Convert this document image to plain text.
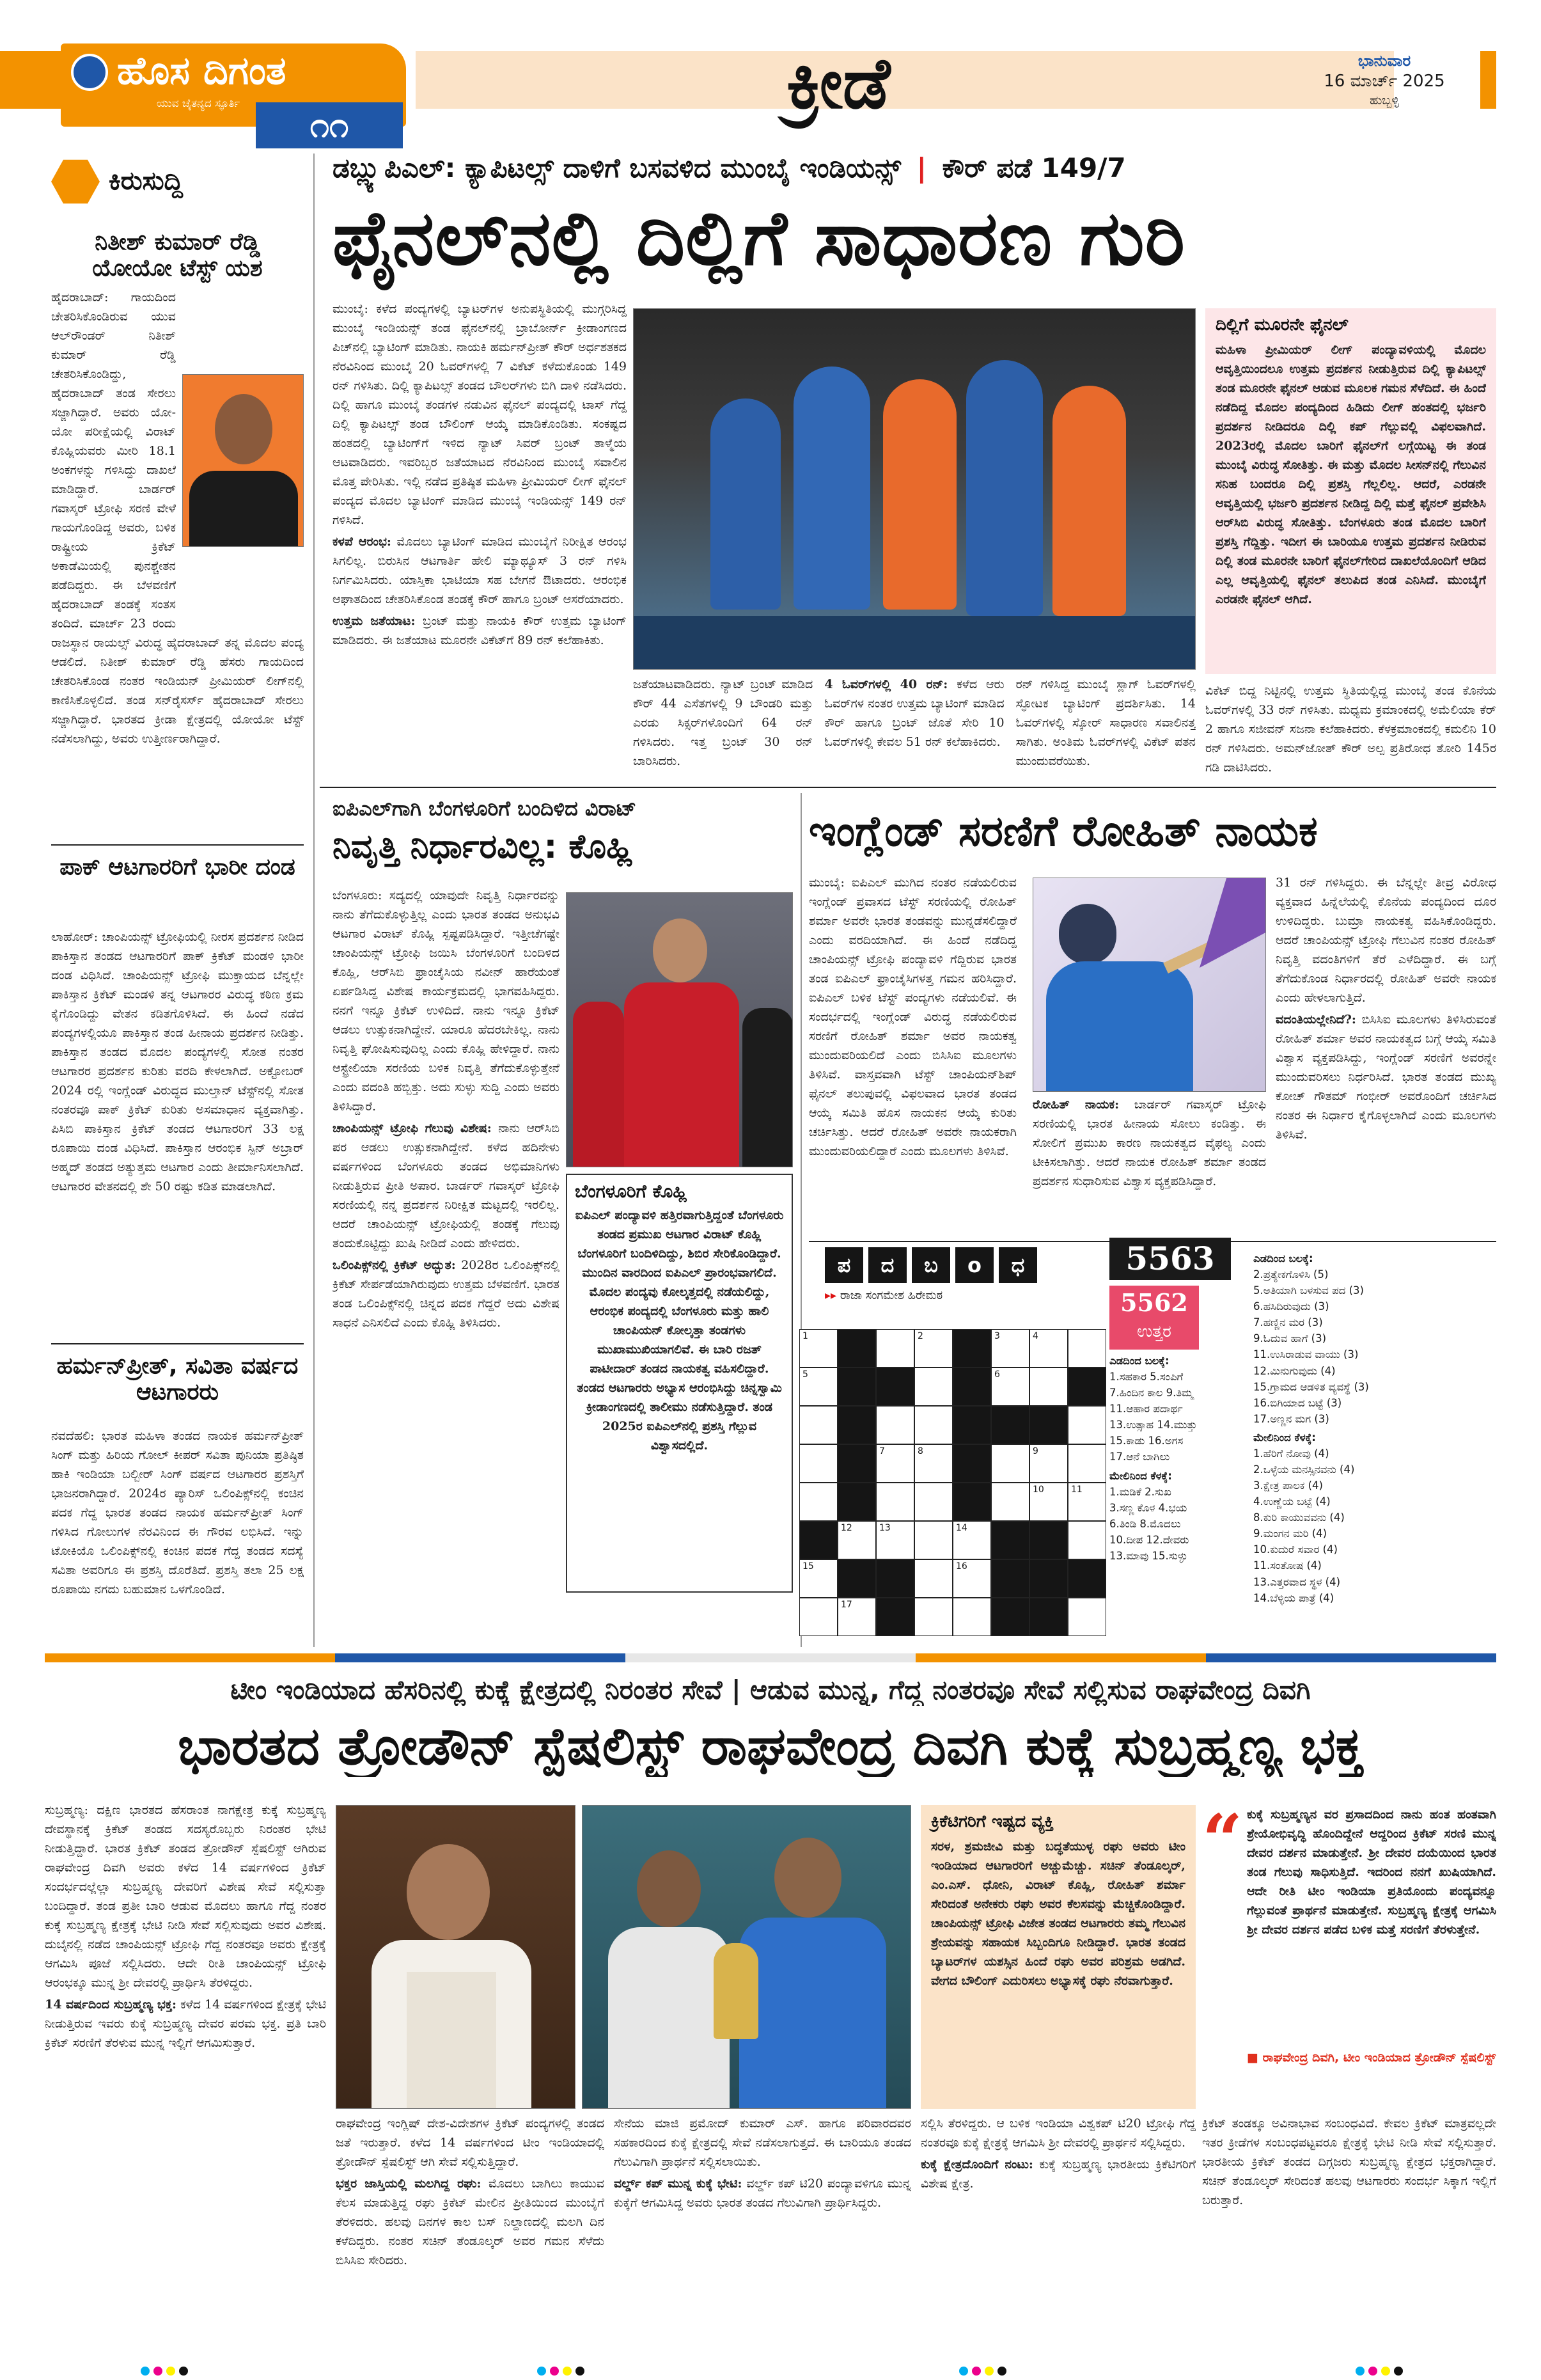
ಹೊಸ ದಿಗಂತ
ಯುವ ಚೈತನ್ಯದ ಸ್ಫೂರ್ತಿ
೧೧
ಕ್ರೀಡೆ	ಭಾನುವಾರ
16 ಮಾರ್ಚ್ 2025
ಹುಬ್ಬಳ್ಳಿ
ಕಿರುಸುದ್ದಿ
ನಿತೀಶ್ ಕುಮಾರ್ ರೆಡ್ಡಿ ಯೋಯೋ ಟೆಸ್ಟ್ ಯಶ
ಹೈದರಾಬಾದ್: ಗಾಯದಿಂದ ಚೇತರಿಸಿಕೊಂಡಿರುವ ಯುವ ಆಲ್‌ರೌಂಡರ್ ನಿತೀಶ್ ಕುಮಾರ್ ರೆಡ್ಡಿ ಚೇತರಿಸಿಕೊಂಡಿದ್ದು, ಹೈದರಾಬಾದ್ ತಂಡ ಸೇರಲು ಸಜ್ಜಾಗಿದ್ದಾರೆ. ಅವರು ಯೋ-ಯೋ ಪರೀಕ್ಷೆಯಲ್ಲಿ ವಿರಾಟ್ ಕೊಹ್ಲಿಯವರು ಮೀರಿ 18.1 ಅಂಕಗಳನ್ನು ಗಳಿಸಿದ್ದು ದಾಖಲೆ ಮಾಡಿದ್ದಾರೆ. ಬಾರ್ಡರ್ ಗವಾಸ್ಕರ್ ಟ್ರೋಫಿ ಸರಣಿ ವೇಳೆ ಗಾಯಗೊಂಡಿದ್ದ ಅವರು, ಬಳಿಕ ರಾಷ್ಟ್ರೀಯ ಕ್ರಿಕೆಟ್ ಅಕಾಡೆಮಿಯಲ್ಲಿ ಪುನಶ್ಚೇತನ ಪಡೆದಿದ್ದರು. ಈ ಬೆಳವಣಿಗೆ ಹೈದರಾಬಾದ್ ತಂಡಕ್ಕೆ ಸಂತಸ ತಂದಿದೆ. ಮಾರ್ಚ್ 23 ರಂದು ರಾಜಸ್ಥಾನ ರಾಯಲ್ಸ್ ವಿರುದ್ಧ ಹೈದರಾಬಾದ್ ತನ್ನ ಮೊದಲ ಪಂದ್ಯ ಆಡಲಿದೆ. ನಿತೀಶ್ ಕುಮಾರ್ ರೆಡ್ಡಿ ಹೆಸರು ಗಾಯದಿಂದ ಚೇತರಿಸಿಕೊಂಡ ನಂತರ ಇಂಡಿಯನ್ ಪ್ರೀಮಿಯರ್ ಲೀಗ್‌ನಲ್ಲಿ ಕಾಣಿಸಿಕೊಳ್ಳಲಿದೆ. ತಂಡ ಸನ್‌ರೈಸರ್ಸ್ ಹೈದರಾಬಾದ್ ಸೇರಲು ಸಜ್ಜಾಗಿದ್ದಾರೆ. ಭಾರತದ ಕ್ರೀಡಾ ಕ್ಷೇತ್ರದಲ್ಲಿ ಯೋಯೋ ಟೆಸ್ಟ್ ನಡೆಸಲಾಗಿದ್ದು, ಅವರು ಉತ್ತೀರ್ಣರಾಗಿದ್ದಾರೆ.
ಪಾಕ್ ಆಟಗಾರರಿಗೆ ಭಾರೀ ದಂಡ
ಲಾಹೋರ್: ಚಾಂಪಿಯನ್ಸ್ ಟ್ರೋಫಿಯಲ್ಲಿ ನೀರಸ ಪ್ರದರ್ಶನ ನೀಡಿದ ಪಾಕಿಸ್ತಾನ ತಂಡದ ಆಟಗಾರರಿಗೆ ಪಾಕ್ ಕ್ರಿಕೆಟ್ ಮಂಡಳಿ ಭಾರೀ ದಂಡ ವಿಧಿಸಿದೆ. ಚಾಂಪಿಯನ್ಸ್ ಟ್ರೋಫಿ ಮುಕ್ತಾಯದ ಬೆನ್ನಲ್ಲೇ ಪಾಕಿಸ್ತಾನ ಕ್ರಿಕೆಟ್ ಮಂಡಳಿ ತನ್ನ ಆಟಗಾರರ ವಿರುದ್ಧ ಕಠಿಣ ಕ್ರಮ ಕೈಗೊಂಡಿದ್ದು ವೇತನ ಕಡಿತಗೊಳಿಸಿದೆ. ಈ ಹಿಂದೆ ನಡೆದ ಪಂದ್ಯಗಳಲ್ಲಿಯೂ ಪಾಕಿಸ್ತಾನ ತಂಡ ಹೀನಾಯ ಪ್ರದರ್ಶನ ನೀಡಿತ್ತು. ಪಾಕಿಸ್ತಾನ ತಂಡದ ಮೊದಲ ಪಂದ್ಯಗಳಲ್ಲಿ ಸೋತ ನಂತರ ಆಟಗಾರರ ಪ್ರದರ್ಶನ ಕುರಿತು ವರದಿ ಕೇಳಲಾಗಿದೆ. ಅಕ್ಟೋಬರ್ 2024 ರಲ್ಲಿ ಇಂಗ್ಲೆಂಡ್ ವಿರುದ್ಧದ ಮುಲ್ತಾನ್ ಟೆಸ್ಟ್‌ನಲ್ಲಿ ಸೋತ ನಂತರವೂ ಪಾಕ್ ಕ್ರಿಕೆಟ್ ಕುರಿತು ಅಸಮಾಧಾನ ವ್ಯಕ್ತವಾಗಿತ್ತು. ಪಿಸಿಬಿ ಪಾಕಿಸ್ತಾನ ಕ್ರಿಕೆಟ್ ತಂಡದ ಆಟಗಾರರಿಗೆ 33 ಲಕ್ಷ ರೂಪಾಯಿ ದಂಡ ವಿಧಿಸಿದೆ. ಪಾಕಿಸ್ತಾನ ಆರಂಭಿಕ ಸ್ಪಿನ್ ಅಬ್ರಾರ್ ಅಹ್ಮದ್ ತಂಡದ ಅತ್ಯುತ್ತಮ ಆಟಗಾರ ಎಂದು ತೀರ್ಮಾನಿಸಲಾಗಿದೆ. ಆಟಗಾರರ ವೇತನದಲ್ಲಿ ಶೇ 50 ರಷ್ಟು ಕಡಿತ ಮಾಡಲಾಗಿದೆ.
ಹರ್ಮನ್‌ಪ್ರೀತ್, ಸವಿತಾ ವರ್ಷದ ಆಟಗಾರರು
ನವದೆಹಲಿ: ಭಾರತ ಮಹಿಳಾ ತಂಡದ ನಾಯಕ ಹರ್ಮನ್‌ಪ್ರೀತ್ ಸಿಂಗ್ ಮತ್ತು ಹಿರಿಯ ಗೋಲ್ ಕೀಪರ್ ಸವಿತಾ ಪುನಿಯಾ ಪ್ರತಿಷ್ಠಿತ ಹಾಕಿ ಇಂಡಿಯಾ ಬಲ್ಬೀರ್ ಸಿಂಗ್ ವರ್ಷದ ಆಟಗಾರರ ಪ್ರಶಸ್ತಿಗೆ ಭಾಜನರಾಗಿದ್ದಾರೆ. 2024ರ ಪ್ಯಾರಿಸ್ ಒಲಿಂಪಿಕ್ಸ್‌ನಲ್ಲಿ ಕಂಚಿನ ಪದಕ ಗೆದ್ದ ಭಾರತ ತಂಡದ ನಾಯಕ ಹರ್ಮನ್‌ಪ್ರೀತ್ ಸಿಂಗ್ ಗಳಿಸಿದ ಗೋಲುಗಳ ನೆರವಿನಿಂದ ಈ ಗೌರವ ಲಭಿಸಿದೆ. ಇನ್ನು ಟೋಕಿಯೊ ಒಲಿಂಪಿಕ್ಸ್‌ನಲ್ಲಿ ಕಂಚಿನ ಪದಕ ಗೆದ್ದ ತಂಡದ ಸದಸ್ಯೆ ಸವಿತಾ ಅವರಿಗೂ ಈ ಪ್ರಶಸ್ತಿ ದೊರೆತಿದೆ. ಪ್ರಶಸ್ತಿ ತಲಾ 25 ಲಕ್ಷ ರೂಪಾಯಿ ನಗದು ಬಹುಮಾನ ಒಳಗೊಂಡಿದೆ.
ಡಬ್ಲ್ಯುಪಿಎಲ್: ಕ್ಯಾಪಿಟಲ್ಸ್ ದಾಳಿಗೆ ಬಸವಳಿದ ಮುಂಬೈ ಇಂಡಿಯನ್ಸ್ | ಕೌರ್ ಪಡೆ 149/7
ಫೈನಲ್‌ನಲ್ಲಿ ದಿಲ್ಲಿಗೆ ಸಾಧಾರಣ ಗುರಿ

ಮುಂಬೈ: ಕಳೆದ ಪಂದ್ಯಗಳಲ್ಲಿ ಬ್ಯಾಟರ್‌ಗಳ ಅನುಪಸ್ಥಿತಿಯಲ್ಲಿ ಮುಗ್ಗರಿಸಿದ್ದ ಮುಂಬೈ ಇಂಡಿಯನ್ಸ್ ತಂಡ ಫೈನಲ್‌ನಲ್ಲಿ ಬ್ರಾಬೋರ್ನ್ ಕ್ರೀಡಾಂಗಣದ ಪಿಚ್‌ನಲ್ಲಿ ಬ್ಯಾಟಿಂಗ್ ಮಾಡಿತು. ನಾಯಕಿ ಹರ್ಮನ್‌ಪ್ರೀತ್ ಕೌರ್ ಅರ್ಧಶತಕದ ನೆರವಿನಿಂದ ಮುಂಬೈ 20 ಓವರ್‌ಗಳಲ್ಲಿ 7 ವಿಕೆಟ್ ಕಳೆದುಕೊಂಡು 149 ರನ್ ಗಳಿಸಿತು. ದಿಲ್ಲಿ ಕ್ಯಾಪಿಟಲ್ಸ್ ತಂಡದ ಬೌಲರ್‌ಗಳು ಬಿಗಿ ದಾಳಿ ನಡೆಸಿದರು. ದಿಲ್ಲಿ ಹಾಗೂ ಮುಂಬೈ ತಂಡಗಳ ನಡುವಿನ ಫೈನಲ್ ಪಂದ್ಯದಲ್ಲಿ ಟಾಸ್ ಗೆದ್ದ ದಿಲ್ಲಿ ಕ್ಯಾಪಿಟಲ್ಸ್ ತಂಡ ಬೌಲಿಂಗ್ ಆಯ್ಕೆ ಮಾಡಿಕೊಂಡಿತು. ಸಂಕಷ್ಟದ ಹಂತದಲ್ಲಿ ಬ್ಯಾಟಿಂಗ್‌ಗೆ ಇಳಿದ ನ್ಯಾಟ್ ಸಿವರ್ ಬ್ರಂಟ್ ತಾಳ್ಮೆಯ ಆಟವಾಡಿದರು. ಇವರಿಬ್ಬರ ಜತೆಯಾಟದ ನೆರವಿನಿಂದ ಮುಂಬೈ ಸವಾಲಿನ ಮೊತ್ತ ಪೇರಿಸಿತು. ಇಲ್ಲಿ ನಡೆದ ಪ್ರತಿಷ್ಠಿತ ಮಹಿಳಾ ಪ್ರೀಮಿಯರ್ ಲೀಗ್ ಫೈನಲ್ ಪಂದ್ಯದ ಮೊದಲ ಬ್ಯಾಟಿಂಗ್ ಮಾಡಿದ ಮುಂಬೈ ಇಂಡಿಯನ್ಸ್ 149 ರನ್ ಗಳಿಸಿದೆ.

ಕಳಪೆ ಆರಂಭ: ಮೊದಲು ಬ್ಯಾಟಿಂಗ್ ಮಾಡಿದ ಮುಂಬೈಗೆ ನಿರೀಕ್ಷಿತ ಆರಂಭ ಸಿಗಲಿಲ್ಲ. ಬಿರುಸಿನ ಆಟಗಾರ್ತಿ ಹೇಲಿ ಮ್ಯಾಥ್ಯೂಸ್ 3 ರನ್ ಗಳಿಸಿ ನಿರ್ಗಮಿಸಿದರು. ಯಾಸ್ತಿಕಾ ಭಾಟಿಯಾ ಸಹ ಬೇಗನೆ ಔಟಾದರು. ಆರಂಭಿಕ ಆಘಾತದಿಂದ ಚೇತರಿಸಿಕೊಂಡ ತಂಡಕ್ಕೆ ಕೌರ್ ಹಾಗೂ ಬ್ರಂಟ್ ಆಸರೆಯಾದರು.

ಉತ್ತಮ ಜತೆಯಾಟ: ಬ್ರಂಟ್ ಮತ್ತು ನಾಯಕಿ ಕೌರ್ ಉತ್ತಮ ಬ್ಯಾಟಿಂಗ್ ಮಾಡಿದರು. ಈ ಜತೆಯಾಟ ಮೂರನೇ ವಿಕೆಟ್‌ಗೆ 89 ರನ್ ಕಲೆಹಾಕಿತು.

ಜತೆಯಾಟವಾಡಿದರು. ನ್ಯಾಟ್ ಬ್ರಂಟ್ ಮಾಡಿದ ಕೌರ್ 44 ಎಸೆತಗಳಲ್ಲಿ 9 ಬೌಂಡರಿ ಮತ್ತು ಎರಡು ಸಿಕ್ಸರ್‌ಗಳೊಂದಿಗೆ 64 ರನ್ ಗಳಿಸಿದರು. ಇತ್ತ ಬ್ರಂಟ್ 30 ರನ್ ಬಾರಿಸಿದರು.

4 ಓವರ್‌ಗಳಲ್ಲಿ 40 ರನ್: ಕಳೆದ ಆರು ಓವರ್‌ಗಳ ನಂತರ ಉತ್ತಮ ಬ್ಯಾಟಿಂಗ್ ಮಾಡಿದ ಕೌರ್ ಹಾಗೂ ಬ್ರಂಟ್ ಜೊತೆ ಸೇರಿ 10 ಓವರ್‌ಗಳಲ್ಲಿ ಕೇವಲ 51 ರನ್ ಕಲೆಹಾಕಿದರು.

ರನ್ ಗಳಿಸಿದ್ದ ಮುಂಬೈ ಸ್ಲಾಗ್ ಓವರ್‌ಗಳಲ್ಲಿ ಸ್ಫೋಟಕ ಬ್ಯಾಟಿಂಗ್ ಪ್ರದರ್ಶಿಸಿತು. 14 ಓವರ್‌ಗಳಲ್ಲಿ ಸ್ಕೋರ್ ಸಾಧಾರಣ ಸವಾಲಿನತ್ತ ಸಾಗಿತು. ಅಂತಿಮ ಓವರ್‌ಗಳಲ್ಲಿ ವಿಕೆಟ್ ಪತನ ಮುಂದುವರೆಯಿತು.

ದಿಲ್ಲಿಗೆ ಮೂರನೇ ಫೈನಲ್
ಮಹಿಳಾ ಪ್ರೀಮಿಯರ್ ಲೀಗ್ ಪಂದ್ಯಾವಳಿಯಲ್ಲಿ ಮೊದಲ ಆವೃತ್ತಿಯಿಂದಲೂ ಉತ್ತಮ ಪ್ರದರ್ಶನ ನೀಡುತ್ತಿರುವ ದಿಲ್ಲಿ ಕ್ಯಾಪಿಟಲ್ಸ್ ತಂಡ ಮೂರನೇ ಫೈನಲ್ ಆಡುವ ಮೂಲಕ ಗಮನ ಸೆಳೆದಿದೆ. ಈ ಹಿಂದೆ ನಡೆದಿದ್ದ ಮೊದಲ ಪಂದ್ಯದಿಂದ ಹಿಡಿದು ಲೀಗ್ ಹಂತದಲ್ಲಿ ಭರ್ಜರಿ ಪ್ರದರ್ಶನ ನೀಡಿದರೂ ದಿಲ್ಲಿ ಕಪ್ ಗೆಲ್ಲುವಲ್ಲಿ ವಿಫಲವಾಗಿದೆ. 2023ರಲ್ಲಿ ಮೊದಲ ಬಾರಿಗೆ ಫೈನಲ್‌ಗೆ ಲಗ್ಗೆಯಿಟ್ಟ ಈ ತಂಡ ಮುಂಬೈ ವಿರುದ್ಧ ಸೋತಿತ್ತು. ಈ ಮತ್ತು ಮೊದಲ ಸೀಸನ್‌ನಲ್ಲಿ ಗೆಲುವಿನ ಸನಿಹ ಬಂದರೂ ದಿಲ್ಲಿ ಪ್ರಶಸ್ತಿ ಗೆಲ್ಲಲಿಲ್ಲ. ಆದರೆ, ಎರಡನೇ ಆವೃತ್ತಿಯಲ್ಲಿ ಭರ್ಜರಿ ಪ್ರದರ್ಶನ ನೀಡಿದ್ದ ದಿಲ್ಲಿ ಮತ್ತೆ ಫೈನಲ್ ಪ್ರವೇಶಿಸಿ ಆರ್‌ಸಿಬಿ ವಿರುದ್ಧ ಸೋತಿತ್ತು. ಬೆಂಗಳೂರು ತಂಡ ಮೊದಲ ಬಾರಿಗೆ ಪ್ರಶಸ್ತಿ ಗೆದ್ದಿತ್ತು. ಇದೀಗ ಈ ಬಾರಿಯೂ ಉತ್ತಮ ಪ್ರದರ್ಶನ ನೀಡಿರುವ ದಿಲ್ಲಿ ತಂಡ ಮೂರನೇ ಬಾರಿಗೆ ಫೈನಲ್‌ಗೇರಿದ ದಾಖಲೆಯೊಂದಿಗೆ ಆಡಿದ ಎಲ್ಲ ಆವೃತ್ತಿಯಲ್ಲಿ ಫೈನಲ್ ತಲುಪಿದ ತಂಡ ಎನಿಸಿದೆ. ಮುಂಬೈಗೆ ಎರಡನೇ ಫೈನಲ್ ಆಗಿದೆ.
ವಿಕೆಟ್ ಬಿದ್ದ ನಿಟ್ಟಿನಲ್ಲಿ ಉತ್ತಮ ಸ್ಥಿತಿಯಲ್ಲಿದ್ದ ಮುಂಬೈ ತಂಡ ಕೊನೆಯ ಓವರ್‌ಗಳಲ್ಲಿ 33 ರನ್ ಗಳಿಸಿತು. ಮಧ್ಯಮ ಕ್ರಮಾಂಕದಲ್ಲಿ ಅಮೆಲಿಯಾ ಕೆರ್ 2 ಹಾಗೂ ಸಜೀವನ್ ಸಜನಾ ಕಲೆಹಾಕಿದರು. ಕೆಳಕ್ರಮಾಂಕದಲ್ಲಿ ಕಮಲಿನಿ 10 ರನ್ ಗಳಿಸಿದರು. ಅಮನ್‌ಜೋತ್ ಕೌರ್ ಅಲ್ಪ ಪ್ರತಿರೋಧ ತೋರಿ 145ರ ಗಡಿ ದಾಟಿಸಿದರು.
ಐಪಿಎಲ್‌ಗಾಗಿ ಬೆಂಗಳೂರಿಗೆ ಬಂದಿಳಿದ ವಿರಾಟ್
ನಿವೃತ್ತಿ ನಿರ್ಧಾರವಿಲ್ಲ: ಕೊಹ್ಲಿ

ಬೆಂಗಳೂರು: ಸದ್ಯದಲ್ಲಿ ಯಾವುದೇ ನಿವೃತ್ತಿ ನಿರ್ಧಾರವನ್ನು ನಾನು ತೆಗೆದುಕೊಳ್ಳುತ್ತಿಲ್ಲ ಎಂದು ಭಾರತ ತಂಡದ ಅನುಭವಿ ಆಟಗಾರ ವಿರಾಟ್ ಕೊಹ್ಲಿ ಸ್ಪಷ್ಟಪಡಿಸಿದ್ದಾರೆ. ಇತ್ತೀಚೆಗಷ್ಟೇ ಚಾಂಪಿಯನ್ಸ್ ಟ್ರೋಫಿ ಜಯಿಸಿ ಬೆಂಗಳೂರಿಗೆ ಬಂದಿಳಿದ ಕೊಹ್ಲಿ, ಆರ್‌ಸಿಬಿ ಫ್ರಾಂಚೈಸಿಯ ನವೀನ್ ಹಾರೆಯಂತೆ ಏರ್ಪಡಿಸಿದ್ದ ವಿಶೇಷ ಕಾರ್ಯಕ್ರಮದಲ್ಲಿ ಭಾಗವಹಿಸಿದ್ದರು. ನನಗೆ ಇನ್ನೂ ಕ್ರಿಕೆಟ್ ಉಳಿದಿದೆ. ನಾನು ಇನ್ನೂ ಕ್ರಿಕೆಟ್ ಆಡಲು ಉತ್ಸುಕನಾಗಿದ್ದೇನೆ. ಯಾರೂ ಹೆದರಬೇಕಿಲ್ಲ. ನಾನು ನಿವೃತ್ತಿ ಘೋಷಿಸುವುದಿಲ್ಲ ಎಂದು ಕೊಹ್ಲಿ ಹೇಳಿದ್ದಾರೆ. ನಾನು ಆಸ್ಟ್ರೇಲಿಯಾ ಸರಣಿಯ ಬಳಿಕ ನಿವೃತ್ತಿ ತೆಗೆದುಕೊಳ್ಳುತ್ತೇನೆ ಎಂದು ವದಂತಿ ಹಬ್ಬಿತ್ತು. ಅದು ಸುಳ್ಳು ಸುದ್ದಿ ಎಂದು ಅವರು ತಿಳಿಸಿದ್ದಾರೆ.

ಚಾಂಪಿಯನ್ಸ್ ಟ್ರೋಫಿ ಗೆಲುವು ವಿಶೇಷ: ನಾನು ಆರ್‌ಸಿಬಿ ಪರ ಆಡಲು ಉತ್ಸುಕನಾಗಿದ್ದೇನೆ. ಕಳೆದ ಹದಿನೇಳು ವರ್ಷಗಳಿಂದ ಬೆಂಗಳೂರು ತಂಡದ ಅಭಿಮಾನಿಗಳು ನೀಡುತ್ತಿರುವ ಪ್ರೀತಿ ಅಪಾರ. ಬಾರ್ಡರ್ ಗವಾಸ್ಕರ್ ಟ್ರೋಫಿ ಸರಣಿಯಲ್ಲಿ ನನ್ನ ಪ್ರದರ್ಶನ ನಿರೀಕ್ಷಿತ ಮಟ್ಟದಲ್ಲಿ ಇರಲಿಲ್ಲ. ಆದರೆ ಚಾಂಪಿಯನ್ಸ್ ಟ್ರೋಫಿಯಲ್ಲಿ ತಂಡಕ್ಕೆ ಗೆಲುವು ತಂದುಕೊಟ್ಟಿದ್ದು ಖುಷಿ ನೀಡಿದೆ ಎಂದು ಹೇಳಿದರು.

ಒಲಿಂಪಿಕ್ಸ್‌ನಲ್ಲಿ ಕ್ರಿಕೆಟ್ ಅದ್ಭುತ: 2028ರ ಒಲಿಂಪಿಕ್ಸ್‌ನಲ್ಲಿ ಕ್ರಿಕೆಟ್ ಸೇರ್ಪಡೆಯಾಗಿರುವುದು ಉತ್ತಮ ಬೆಳವಣಿಗೆ. ಭಾರತ ತಂಡ ಒಲಿಂಪಿಕ್ಸ್‌ನಲ್ಲಿ ಚಿನ್ನದ ಪದಕ ಗೆದ್ದರೆ ಅದು ವಿಶೇಷ ಸಾಧನೆ ಎನಿಸಲಿದೆ ಎಂದು ಕೊಹ್ಲಿ ತಿಳಿಸಿದರು.

ಬೆಂಗಳೂರಿಗೆ ಕೊಹ್ಲಿ
ಐಪಿಎಲ್ ಪಂದ್ಯಾವಳಿ ಹತ್ತಿರವಾಗುತ್ತಿದ್ದಂತೆ ಬೆಂಗಳೂರು ತಂಡದ ಪ್ರಮುಖ ಆಟಗಾರ ವಿರಾಟ್ ಕೊಹ್ಲಿ ಬೆಂಗಳೂರಿಗೆ ಬಂದಿಳಿದಿದ್ದು, ಶಿಬಿರ ಸೇರಿಕೊಂಡಿದ್ದಾರೆ. ಮುಂದಿನ ವಾರದಿಂದ ಐಪಿಎಲ್ ಪ್ರಾರಂಭವಾಗಲಿದೆ. ಮೊದಲ ಪಂದ್ಯವು ಕೋಲ್ಕತ್ತದಲ್ಲಿ ನಡೆಯಲಿದ್ದು, ಆರಂಭಿಕ ಪಂದ್ಯದಲ್ಲಿ ಬೆಂಗಳೂರು ಮತ್ತು ಹಾಲಿ ಚಾಂಪಿಯನ್ ಕೋಲ್ಕತ್ತಾ ತಂಡಗಳು ಮುಖಾಮುಖಿಯಾಗಲಿವೆ. ಈ ಬಾರಿ ರಜತ್ ಪಾಟೀದಾರ್ ತಂಡದ ನಾಯಕತ್ವ ವಹಿಸಲಿದ್ದಾರೆ. ತಂಡದ ಆಟಗಾರರು ಅಭ್ಯಾಸ ಆರಂಭಿಸಿದ್ದು ಚಿನ್ನಸ್ವಾಮಿ ಕ್ರೀಡಾಂಗಣದಲ್ಲಿ ತಾಲೀಮು ನಡೆಸುತ್ತಿದ್ದಾರೆ. ತಂಡ 2025ರ ಐಪಿಎಲ್‌ನಲ್ಲಿ ಪ್ರಶಸ್ತಿ ಗೆಲ್ಲುವ ವಿಶ್ವಾಸದಲ್ಲಿದೆ.
ಇಂಗ್ಲೆಂಡ್ ಸರಣಿಗೆ ರೋಹಿತ್ ನಾಯಕ
ಮುಂಬೈ: ಐಪಿಎಲ್ ಮುಗಿದ ನಂತರ ನಡೆಯಲಿರುವ ಇಂಗ್ಲೆಂಡ್ ಪ್ರವಾಸದ ಟೆಸ್ಟ್ ಸರಣಿಯಲ್ಲಿ ರೋಹಿತ್ ಶರ್ಮಾ ಅವರೇ ಭಾರತ ತಂಡವನ್ನು ಮುನ್ನಡೆಸಲಿದ್ದಾರೆ ಎಂದು ವರದಿಯಾಗಿದೆ. ಈ ಹಿಂದೆ ನಡೆದಿದ್ದ ಚಾಂಪಿಯನ್ಸ್ ಟ್ರೋಫಿ ಪಂದ್ಯಾವಳಿ ಗೆದ್ದಿರುವ ಭಾರತ ತಂಡ ಐಪಿಎಲ್ ಫ್ರಾಂಚೈಸಿಗಳತ್ತ ಗಮನ ಹರಿಸಿದ್ದಾರೆ. ಐಪಿಎಲ್ ಬಳಿಕ ಟೆಸ್ಟ್ ಪಂದ್ಯಗಳು ನಡೆಯಲಿವೆ. ಈ ಸಂದರ್ಭದಲ್ಲಿ ಇಂಗ್ಲೆಂಡ್ ವಿರುದ್ಧ ನಡೆಯಲಿರುವ ಸರಣಿಗೆ ರೋಹಿತ್ ಶರ್ಮಾ ಅವರ ನಾಯಕತ್ವ ಮುಂದುವರಿಯಲಿದೆ ಎಂದು ಬಿಸಿಸಿಐ ಮೂಲಗಳು ತಿಳಿಸಿವೆ. ವಾಸ್ತವವಾಗಿ ಟೆಸ್ಟ್ ಚಾಂಪಿಯನ್‌ಶಿಪ್ ಫೈನಲ್ ತಲುಪುವಲ್ಲಿ ವಿಫಲವಾದ ಭಾರತ ತಂಡದ ಆಯ್ಕೆ ಸಮಿತಿ ಹೊಸ ನಾಯಕನ ಆಯ್ಕೆ ಕುರಿತು ಚರ್ಚಿಸಿತ್ತು. ಆದರೆ ರೋಹಿತ್ ಅವರೇ ನಾಯಕರಾಗಿ ಮುಂದುವರಿಯಲಿದ್ದಾರೆ ಎಂದು ಮೂಲಗಳು ತಿಳಿಸಿವೆ.
ರೋಹಿತ್ ನಾಯಕ: ಬಾರ್ಡರ್ ಗವಾಸ್ಕರ್ ಟ್ರೋಫಿ ಸರಣಿಯಲ್ಲಿ ಭಾರತ ಹೀನಾಯ ಸೋಲು ಕಂಡಿತ್ತು. ಈ ಸೋಲಿಗೆ ಪ್ರಮುಖ ಕಾರಣ ನಾಯಕತ್ವದ ವೈಫಲ್ಯ ಎಂದು ಟೀಕಿಸಲಾಗಿತ್ತು. ಆದರೆ ನಾಯಕ ರೋಹಿತ್ ಶರ್ಮಾ ತಂಡದ ಪ್ರದರ್ಶನ ಸುಧಾರಿಸುವ ವಿಶ್ವಾಸ ವ್ಯಕ್ತಪಡಿಸಿದ್ದಾರೆ.

31 ರನ್ ಗಳಿಸಿದ್ದರು. ಈ ಬೆನ್ನಲ್ಲೇ ತೀವ್ರ ವಿರೋಧ ವ್ಯಕ್ತವಾದ ಹಿನ್ನೆಲೆಯಲ್ಲಿ ಕೊನೆಯ ಪಂದ್ಯದಿಂದ ದೂರ ಉಳಿದಿದ್ದರು. ಬುಮ್ರಾ ನಾಯಕತ್ವ ವಹಿಸಿಕೊಂಡಿದ್ದರು. ಆದರೆ ಚಾಂಪಿಯನ್ಸ್ ಟ್ರೋಫಿ ಗೆಲುವಿನ ನಂತರ ರೋಹಿತ್ ನಿವೃತ್ತಿ ವದಂತಿಗಳಿಗೆ ತೆರೆ ಎಳೆದಿದ್ದಾರೆ. ಈ ಬಗ್ಗೆ ತೆಗೆದುಕೊಂಡ ನಿರ್ಧಾರದಲ್ಲಿ ರೋಹಿತ್ ಅವರೇ ನಾಯಕ ಎಂದು ಹೇಳಲಾಗುತ್ತಿದೆ.

ವದಂತಿಯಲ್ಲೇನಿದೆ?: ಬಿಸಿಸಿಐ ಮೂಲಗಳು ತಿಳಿಸಿರುವಂತೆ ರೋಹಿತ್ ಶರ್ಮಾ ಅವರ ನಾಯಕತ್ವದ ಬಗ್ಗೆ ಆಯ್ಕೆ ಸಮಿತಿ ವಿಶ್ವಾಸ ವ್ಯಕ್ತಪಡಿಸಿದ್ದು, ಇಂಗ್ಲೆಂಡ್ ಸರಣಿಗೆ ಅವರನ್ನೇ ಮುಂದುವರಿಸಲು ನಿರ್ಧರಿಸಿದೆ. ಭಾರತ ತಂಡದ ಮುಖ್ಯ ಕೋಚ್ ಗೌತಮ್ ಗಂಭೀರ್ ಅವರೊಂದಿಗೆ ಚರ್ಚಿಸಿದ ನಂತರ ಈ ನಿರ್ಧಾರ ಕೈಗೊಳ್ಳಲಾಗಿದೆ ಎಂದು ಮೂಲಗಳು ತಿಳಿಸಿವೆ.

ಪ ದ ಬ o ಧ
▸▸ ರಾಜಾ ಸಂಗಮೇಶ ಹಿರೇಮಠ
5563
5562
ಉತ್ತರ
1	2	3	4
5	6
7	8	9
10	11
12	13	14
15	16
17
ಎಡದಿಂದ ಬಲಕ್ಕೆ:
1.ಸಹಕಾರ 5.ಸಂಪಿಗೆ
7.ಹಿಂದಿನ ಕಾಲ 9.ತಿಮ್ಮ
11.ಆಹಾರ ಪದಾರ್ಥ
13.ಉತ್ಸಾಹ 14.ಮುತ್ತು
15.ಕಾಡು 16.ಅಗಸ
17.ಆನೆ ಬಾಗಿಲು
ಮೇಲಿನಿಂದ ಕೆಳಕ್ಕೆ:
1.ಮಡಿಕೆ 2.ಸುಖ
3.ಸಣ್ಣ ಕೊಳ 4.ಭಯ
6.ತಿಂಡಿ 8.ಮೊದಲು
10.ದೀಪ 12.ದೇವರು
13.ಮಾವು 15.ಸುಳ್ಳು
ಎಡದಿಂದ ಬಲಕ್ಕೆ:
2.ಪ್ರತ್ಯೇಕಗೊಳಿಸಿ (5)
5.ಅತಿಯಾಗಿ ಬಳಸುವ ಪದ (3)
6.ಹಸಿದಿರುವುದು (3)
7.ಹಣ್ಣಿನ ಮರ (3)
9.ಓದುವ ಹಾಗೆ (3)
11.ಉಸಿರಾಡುವ ವಾಯು (3)
12.ಮಿನುಗುವುದು (4)
15.ಗ್ರಾಮದ ಆಡಳಿತ ವ್ಯವಸ್ಥೆ (3)
16.ಬಿಗಿಯಾದ ಬಟ್ಟೆ (3)
17.ಅಣ್ಣನ ಮಗ (3)
ಮೇಲಿನಿಂದ ಕೆಳಕ್ಕೆ:
1.ಹೆರಿಗೆ ನೋವು (4)
2.ಒಳ್ಳೆಯ ಮನಸ್ಸಿನವನು (4)
3.ಕ್ಷೇತ್ರ ಪಾಲಕ (4)
4.ಉಣ್ಣೆಯ ಬಟ್ಟೆ (4)
8.ಕುರಿ ಕಾಯುವವನು (4)
9.ಮಂಗನ ಮರಿ (4)
10.ಕುದುರೆ ಸವಾರ (4)
11.ಸಂತೋಷ (4)
13.ಎತ್ತರವಾದ ಸ್ಥಳ (4)
14.ಬೆಳ್ಳಿಯ ಪಾತ್ರೆ (4)
ಟೀಂ ಇಂಡಿಯಾದ ಹೆಸರಿನಲ್ಲಿ ಕುಕ್ಕೆ ಕ್ಷೇತ್ರದಲ್ಲಿ ನಿರಂತರ ಸೇವೆ | ಆಡುವ ಮುನ್ನ, ಗೆದ್ದ ನಂತರವೂ ಸೇವೆ ಸಲ್ಲಿಸುವ ರಾಘವೇಂದ್ರ ದಿವಗಿ
ಭಾರತದ ತ್ರೋಡೌನ್ ಸ್ಪೆಷಲಿಸ್ಟ್ ರಾಘವೇಂದ್ರ ದಿವಗಿ ಕುಕ್ಕೆ ಸುಬ್ರಹ್ಮಣ್ಯ ಭಕ್ತ

ಸುಬ್ರಹ್ಮಣ್ಯ: ದಕ್ಷಿಣ ಭಾರತದ ಹೆಸರಾಂತ ನಾಗಕ್ಷೇತ್ರ ಕುಕ್ಕೆ ಸುಬ್ರಹ್ಮಣ್ಯ ದೇವಸ್ಥಾನಕ್ಕೆ ಕ್ರಿಕೆಟ್ ತಂಡದ ಸದಸ್ಯರೊಬ್ಬರು ನಿರಂತರ ಭೇಟಿ ನೀಡುತ್ತಿದ್ದಾರೆ. ಭಾರತ ಕ್ರಿಕೆಟ್ ತಂಡದ ತ್ರೋಡೌನ್ ಸ್ಪೆಷಲಿಸ್ಟ್ ಆಗಿರುವ ರಾಘವೇಂದ್ರ ದಿವಗಿ ಅವರು ಕಳೆದ 14 ವರ್ಷಗಳಿಂದ ಕ್ರಿಕೆಟ್ ಸಂದರ್ಭದಲ್ಲೆಲ್ಲಾ ಸುಬ್ರಹ್ಮಣ್ಯ ದೇವರಿಗೆ ವಿಶೇಷ ಸೇವೆ ಸಲ್ಲಿಸುತ್ತಾ ಬಂದಿದ್ದಾರೆ. ತಂಡ ಪ್ರತೀ ಬಾರಿ ಆಡುವ ಮೊದಲು ಹಾಗೂ ಗೆದ್ದ ನಂತರ ಕುಕ್ಕೆ ಸುಬ್ರಹ್ಮಣ್ಯ ಕ್ಷೇತ್ರಕ್ಕೆ ಭೇಟಿ ನೀಡಿ ಸೇವೆ ಸಲ್ಲಿಸುವುದು ಅವರ ವಿಶೇಷ. ದುಬೈನಲ್ಲಿ ನಡೆದ ಚಾಂಪಿಯನ್ಸ್ ಟ್ರೋಫಿ ಗೆದ್ದ ನಂತರವೂ ಅವರು ಕ್ಷೇತ್ರಕ್ಕೆ ಆಗಮಿಸಿ ಪೂಜೆ ಸಲ್ಲಿಸಿದರು. ಆದೇ ರೀತಿ ಚಾಂಪಿಯನ್ಸ್ ಟ್ರೋಫಿ ಆರಂಭಕ್ಕೂ ಮುನ್ನ ಶ್ರೀ ದೇವರಲ್ಲಿ ಪ್ರಾರ್ಥಿಸಿ ತೆರಳಿದ್ದರು.

14 ವರ್ಷದಿಂದ ಸುಬ್ರಹ್ಮಣ್ಯ ಭಕ್ತ: ಕಳೆದ 14 ವರ್ಷಗಳಿಂದ ಕ್ಷೇತ್ರಕ್ಕೆ ಭೇಟಿ ನೀಡುತ್ತಿರುವ ಇವರು ಕುಕ್ಕೆ ಸುಬ್ರಹ್ಮಣ್ಯ ದೇವರ ಪರಮ ಭಕ್ತ. ಪ್ರತಿ ಬಾರಿ ಕ್ರಿಕೆಟ್ ಸರಣಿಗೆ ತೆರಳುವ ಮುನ್ನ ಇಲ್ಲಿಗೆ ಆಗಮಿಸುತ್ತಾರೆ.

ರಾಘವೇಂದ್ರ ಇಂಗ್ಲಿಷ್ ದೇಶ-ವಿದೇಶಗಳ ಕ್ರಿಕೆಟ್ ಪಂದ್ಯಗಳಲ್ಲಿ ತಂಡದ ಜತೆ ಇರುತ್ತಾರೆ. ಕಳೆದ 14 ವರ್ಷಗಳಿಂದ ಟೀಂ ಇಂಡಿಯಾದಲ್ಲಿ ತ್ರೋಡೌನ್ ಸ್ಪೆಷಲಿಸ್ಟ್ ಆಗಿ ಸೇವೆ ಸಲ್ಲಿಸುತ್ತಿದ್ದಾರೆ.

ಭಕ್ತರ ಜಾಸ್ತಿಯಲ್ಲಿ ಮಲಗಿದ್ದ ರಘು: ಮೊದಲು ಬಾಗಿಲು ಕಾಯುವ ಕೆಲಸ ಮಾಡುತ್ತಿದ್ದ ರಘು ಕ್ರಿಕೆಟ್ ಮೇಲಿನ ಪ್ರೀತಿಯಿಂದ ಮುಂಬೈಗೆ ತೆರಳಿದರು. ಹಲವು ದಿನಗಳ ಕಾಲ ಬಸ್ ನಿಲ್ದಾಣದಲ್ಲಿ ಮಲಗಿ ದಿನ ಕಳೆದಿದ್ದರು. ನಂತರ ಸಚಿನ್ ತೆಂಡೂಲ್ಕರ್ ಅವರ ಗಮನ ಸೆಳೆದು ಬಿಸಿಸಿಐ ಸೇರಿದರು.

ಸೇನೆಯ ಮಾಜಿ ಪ್ರಮೋದ್ ಕುಮಾರ್ ಎಸ್. ಹಾಗೂ ಪರಿವಾರದವರ ಸಹಕಾರದಿಂದ ಕುಕ್ಕೆ ಕ್ಷೇತ್ರದಲ್ಲಿ ಸೇವೆ ನಡೆಸಲಾಗುತ್ತದೆ. ಈ ಬಾರಿಯೂ ತಂಡದ ಗೆಲುವಿಗಾಗಿ ಪ್ರಾರ್ಥನೆ ಸಲ್ಲಿಸಲಾಯಿತು.

ವರ್ಲ್ಡ್ ಕಪ್ ಮುನ್ನ ಕುಕ್ಕೆ ಭೇಟಿ: ವರ್ಲ್ಡ್ ಕಪ್ ಟಿ20 ಪಂದ್ಯಾವಳಿಗೂ ಮುನ್ನ ಕುಕ್ಕೆಗೆ ಆಗಮಿಸಿದ್ದ ಅವರು ಭಾರತ ತಂಡದ ಗೆಲುವಿಗಾಗಿ ಪ್ರಾರ್ಥಿಸಿದ್ದರು.

ಕ್ರಿಕೆಟಿಗರಿಗೆ ಇಷ್ಟದ ವ್ಯಕ್ತಿ
ಸರಳ, ಶ್ರಮಜೀವಿ ಮತ್ತು ಬದ್ಧತೆಯುಳ್ಳ ರಘು ಅವರು ಟೀಂ ಇಂಡಿಯಾದ ಆಟಗಾರರಿಗೆ ಅಚ್ಚುಮೆಚ್ಚು. ಸಚಿನ್ ತೆಂಡೂಲ್ಕರ್, ಎಂ.ಎಸ್. ಧೋನಿ, ವಿರಾಟ್ ಕೊಹ್ಲಿ, ರೋಹಿತ್ ಶರ್ಮಾ ಸೇರಿದಂತೆ ಅನೇಕರು ರಘು ಅವರ ಕೆಲಸವನ್ನು ಮೆಚ್ಚಿಕೊಂಡಿದ್ದಾರೆ. ಚಾಂಪಿಯನ್ಸ್ ಟ್ರೋಫಿ ವಿಜೇತ ತಂಡದ ಆಟಗಾರರು ತಮ್ಮ ಗೆಲುವಿನ ಶ್ರೇಯವನ್ನು ಸಹಾಯಕ ಸಿಬ್ಬಂದಿಗೂ ನೀಡಿದ್ದಾರೆ. ಭಾರತ ತಂಡದ ಬ್ಯಾಟರ್‌ಗಳ ಯಶಸ್ಸಿನ ಹಿಂದೆ ರಘು ಅವರ ಪರಿಶ್ರಮ ಅಡಗಿದೆ. ವೇಗದ ಬೌಲಿಂಗ್ ಎದುರಿಸಲು ಅಭ್ಯಾಸಕ್ಕೆ ರಘು ನೆರವಾಗುತ್ತಾರೆ.

ಸಲ್ಲಿಸಿ ತೆರಳಿದ್ದರು. ಆ ಬಳಿಕ ಇಂಡಿಯಾ ವಿಶ್ವಕಪ್ ಟಿ20 ಟ್ರೋಫಿ ಗೆದ್ದ ನಂತರವೂ ಕುಕ್ಕೆ ಕ್ಷೇತ್ರಕ್ಕೆ ಆಗಮಿಸಿ ಶ್ರೀ ದೇವರಲ್ಲಿ ಪ್ರಾರ್ಥನೆ ಸಲ್ಲಿಸಿದ್ದರು.

ಕುಕ್ಕೆ ಕ್ಷೇತ್ರದೊಂದಿಗೆ ನಂಟು: ಕುಕ್ಕೆ ಸುಬ್ರಹ್ಮಣ್ಯ ಭಾರತೀಯ ಕ್ರಿಕೆಟಿಗರಿಗೆ ವಿಶೇಷ ಕ್ಷೇತ್ರ.

“ ಕುಕ್ಕೆ ಸುಬ್ರಹ್ಮಣ್ಯನ ವರ ಪ್ರಸಾದದಿಂದ ನಾನು ಹಂತ ಹಂತವಾಗಿ ಶ್ರೇಯೋಭಿವೃದ್ಧಿ ಹೊಂದಿದ್ದೇನೆ ಆದ್ದರಿಂದ ಕ್ರಿಕೆಟ್ ಸರಣಿ ಮುನ್ನ ದೇವರ ದರ್ಶನ ಮಾಡುತ್ತೇನೆ. ಶ್ರೀ ದೇವರ ದಯೆಯಿಂದ ಭಾರತ ತಂಡ ಗೆಲುವು ಸಾಧಿಸುತ್ತಿದೆ. ಇದರಿಂದ ನನಗೆ ಖುಷಿಯಾಗಿದೆ. ಆದೇ ರೀತಿ ಟೀಂ ಇಂಡಿಯಾ ಪ್ರತಿಯೊಂದು ಪಂದ್ಯವನ್ನೂ ಗೆಲ್ಲುವಂತೆ ಪ್ರಾರ್ಥನೆ ಮಾಡುತ್ತೇನೆ. ಸುಬ್ರಹ್ಮಣ್ಯ ಕ್ಷೇತ್ರಕ್ಕೆ ಆಗಮಿಸಿ ಶ್ರೀ ದೇವರ ದರ್ಶನ ಪಡೆದ ಬಳಿಕ ಮತ್ತೆ ಸರಣಿಗೆ ತೆರಳುತ್ತೇನೆ.
■ ರಾಘವೇಂದ್ರ ದಿವಗಿ, ಟೀಂ ಇಂಡಿಯಾದ ತ್ರೋಡೌನ್ ಸ್ಪೆಷಲಿಸ್ಟ್
ಕ್ರಿಕೆಟ್ ತಂಡಕ್ಕೂ ಅವಿನಾಭಾವ ಸಂಬಂಧವಿದೆ. ಕೇವಲ ಕ್ರಿಕೆಟ್ ಮಾತ್ರವಲ್ಲದೇ ಇತರ ಕ್ರೀಡೆಗಳ ಸಂಬಂಧಪಟ್ಟವರೂ ಕ್ಷೇತ್ರಕ್ಕೆ ಭೇಟಿ ನೀಡಿ ಸೇವೆ ಸಲ್ಲಿಸುತ್ತಾರೆ. ಭಾರತೀಯ ಕ್ರಿಕೆಟ್ ತಂಡದ ದಿಗ್ಗಜರು ಸುಬ್ರಹ್ಮಣ್ಯ ಕ್ಷೇತ್ರದ ಭಕ್ತರಾಗಿದ್ದಾರೆ. ಸಚಿನ್ ತೆಂಡೂಲ್ಕರ್ ಸೇರಿದಂತೆ ಹಲವು ಆಟಗಾರರು ಸಂದರ್ಭ ಸಿಕ್ಕಾಗ ಇಲ್ಲಿಗೆ ಬರುತ್ತಾರೆ.
